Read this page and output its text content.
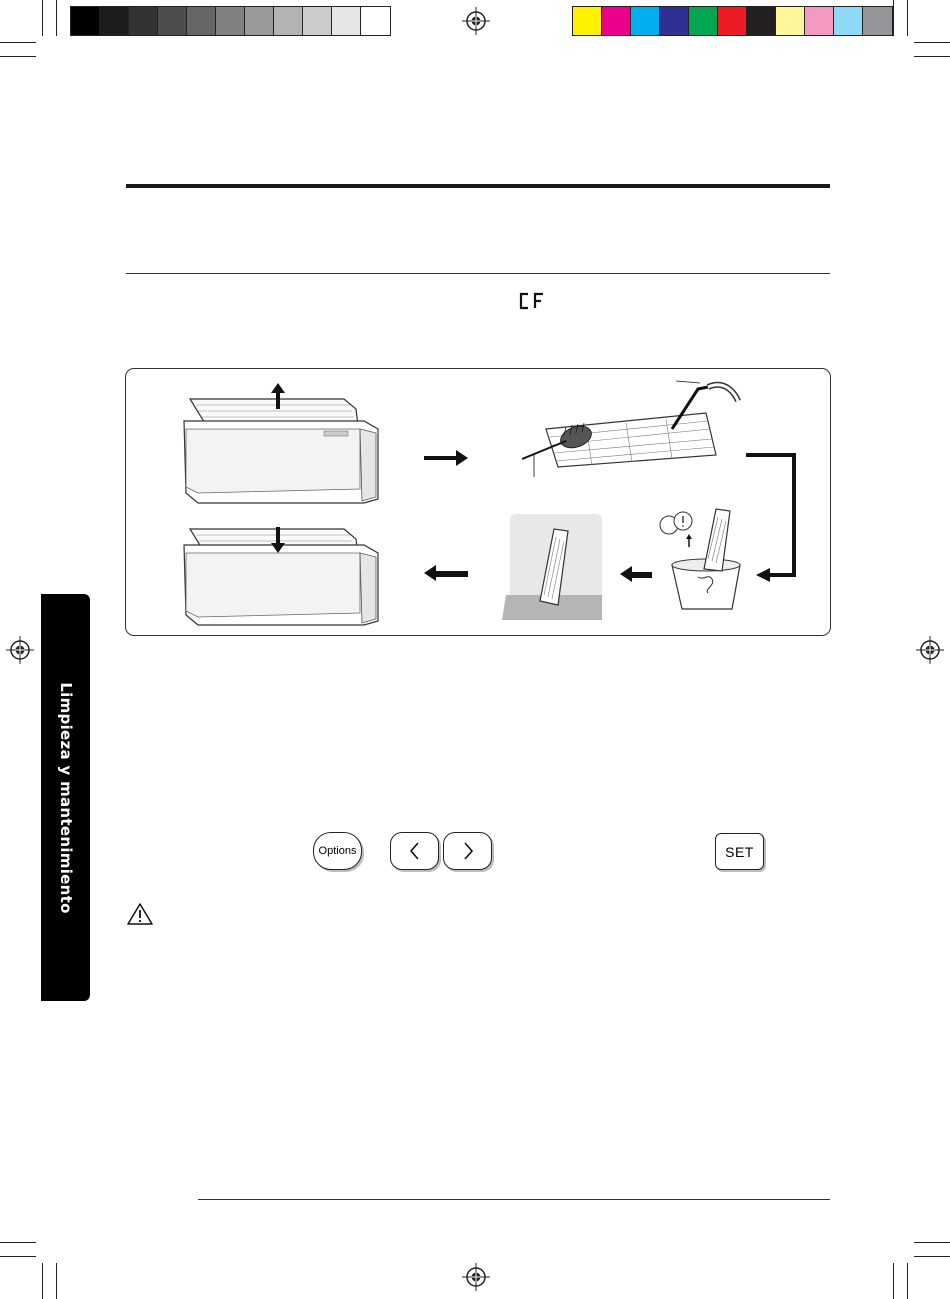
Limpieza y mantenimiento	Options	SET
